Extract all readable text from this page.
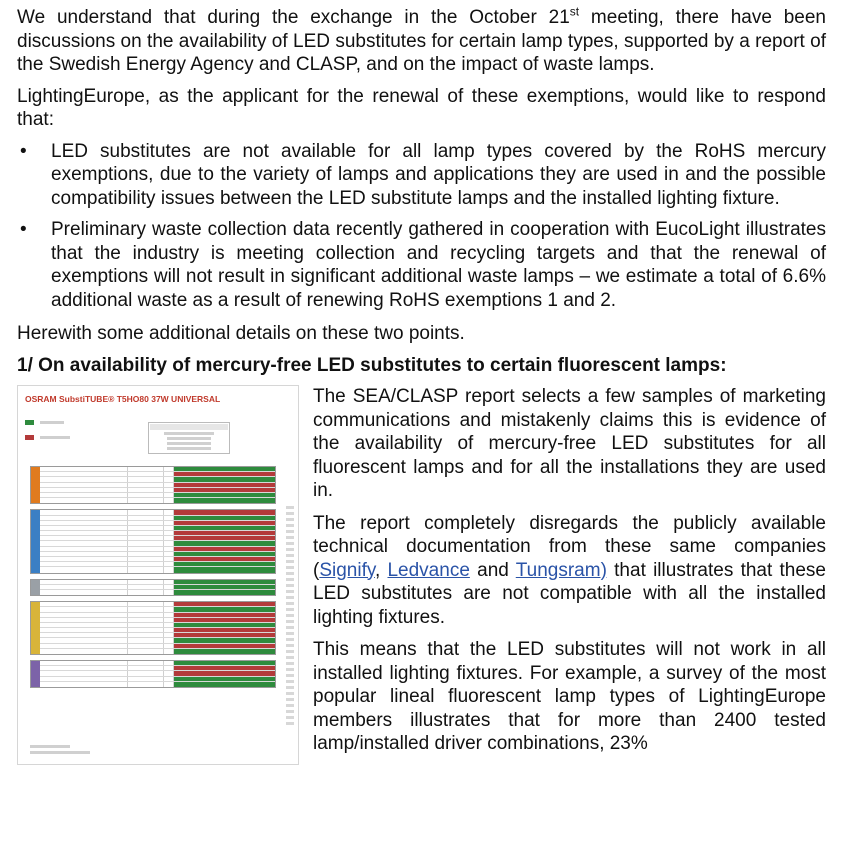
We understand that during the exchange in the October 21st meeting, there have been discussions on the availability of LED substitutes for certain lamp types, supported by a report of the Swedish Energy Agency and CLASP, and on the impact of waste lamps.

LightingEurope, as the applicant for the renewal of these exemptions, would like to respond that:

• LED substitutes are not available for all lamp types covered by the RoHS mercury exemptions, due to the variety of lamps and applications they are used in and the possible compatibility issues between the LED substitute lamps and the installed lighting fixture.
• Preliminary waste collection data recently gathered in cooperation with EucoLight illustrates that the industry is meeting collection and recycling targets and that the renewal of exemptions will not result in significant additional waste lamps – we estimate a total of 6.6% additional waste as a result of renewing RoHS exemptions 1 and 2.

Herewith some additional details on these two points.

1/ On availability of mercury-free LED substitutes to certain fluorescent lamps:

OSRAM SubstiTUBE® T5HO80 37W UNIVERSAL
	The SEA/CLASP report selects a few samples of marketing communications and mistakenly claims this is evidence of the availability of mercury-free LED substitutes for all fluorescent lamps and for all the installations they are used in.

The report completely disregards the publicly available technical documentation from these same companies (Signify, Ledvance and Tungsram) that illustrates that these LED substitutes are not compatible with all the installed lighting fixtures.

This means that the LED substitutes will not work in all installed lighting fixtures. For example, a survey of the most popular lineal fluorescent lamp types of LightingEurope members illustrates that for more than 2400 tested lamp/installed driver combinations, 23%
